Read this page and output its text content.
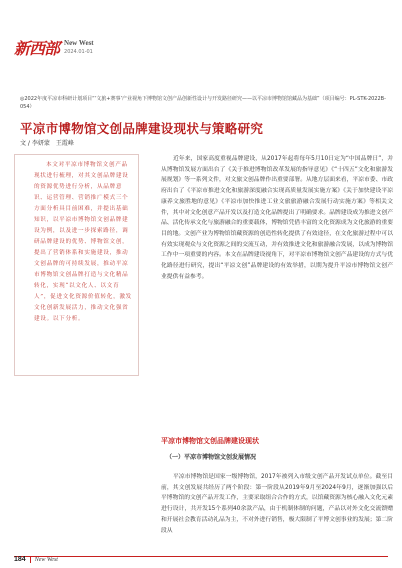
新西部 New West
2024.01-01

◎2022年度平凉市科研计划项目“‘文旅+赛事’产业视角下博物馆文创产品创新性设计与开发路径研究——以平凉市博物馆馆藏品为基础”（项目编号：PL-STK-2022B-054）

平凉市博物馆文创品牌建设现状与策略研究
文 / 李妍蒙　王霞峰

本文对平凉市博物馆文创产品现状进行梳理，对其文创品牌建设的资源优势进行分析，从品牌意识、运营管理、营销推广模式三个方面分析具目前困难，并提出基础知识，以平凉市博物馆文创品牌建设为例，以及进一步探索路径，调研品牌建设的优势、博物馆文创，提出了营销体系和实施建设，推动文创品牌的可持续发展，推动平凉市博物馆文创品牌打造与文化精品转化，实现“以文化人、以文育人”，促进文化资源价值转化，激发文化创新发展活力，推动文化强省建设。以下分析。

近年来，国家高度重视品牌建设，从2017年起将每年5月10日定为“中国品牌日”，并从博物馆发展方面出台了《关于推进博物馆改革发展的指导意见》《“十四五”文化和旅游发展规划》等一系列文件，对文旅文创品牌作出重要部署。从地方层面来看，平凉市委、市政府出台了《平凉市推进文化和旅游深度融合实现高质量发展实施方案》《关于加快建设平凉康养文旅胜地的意见》《平凉市加快推进工业文旅旅游融合发展行动实施方案》等相关文件，其中对文化创意产品开发以及打造文化品牌提出了明确要求。品牌建设成为推进文创产品、活化传承文化与旅游融合的重要载体，博物馆凭借丰富的文化资源成为文化旅游的重要目的地。文创产业为博物馆馆藏资源的创造性转化提供了有效途径，在文化旅游过程中可以有效实现观众与文化资源之间的交流互动，并有效推进文化和旅游融合发展，以成为博物馆工作中一项重要的内容。本文在品牌建设视角下，对平凉市博物馆文创产品建设的方式与优化路径进行研究，提出“平凉文创”品牌建设的有效举措，以期为提升平凉市博物馆文创产业提供有益参考。

平凉市博物馆文创品牌建设现状
（一）平凉市博物馆文创发展情况

平凉市博物馆是国家一级博物馆，2017年被列入市级文创产品开发试点单位。截至目前，其文创发展共经历了两个阶段：第一阶段从2019年9月至2024年9月，逐渐加强以后平博物馆的文创产品开发工作，主要采取组合合作的方式，以馆藏资源为核心融入文化元素进行设计，共开发15个系列40余款产品，由于机制体制的问题，产品以对外文化交流馈赠和开展社会教育活动礼品为主，不对外进行销售，极大限制了平博文创事业的发展；第二阶段从

184 New West
